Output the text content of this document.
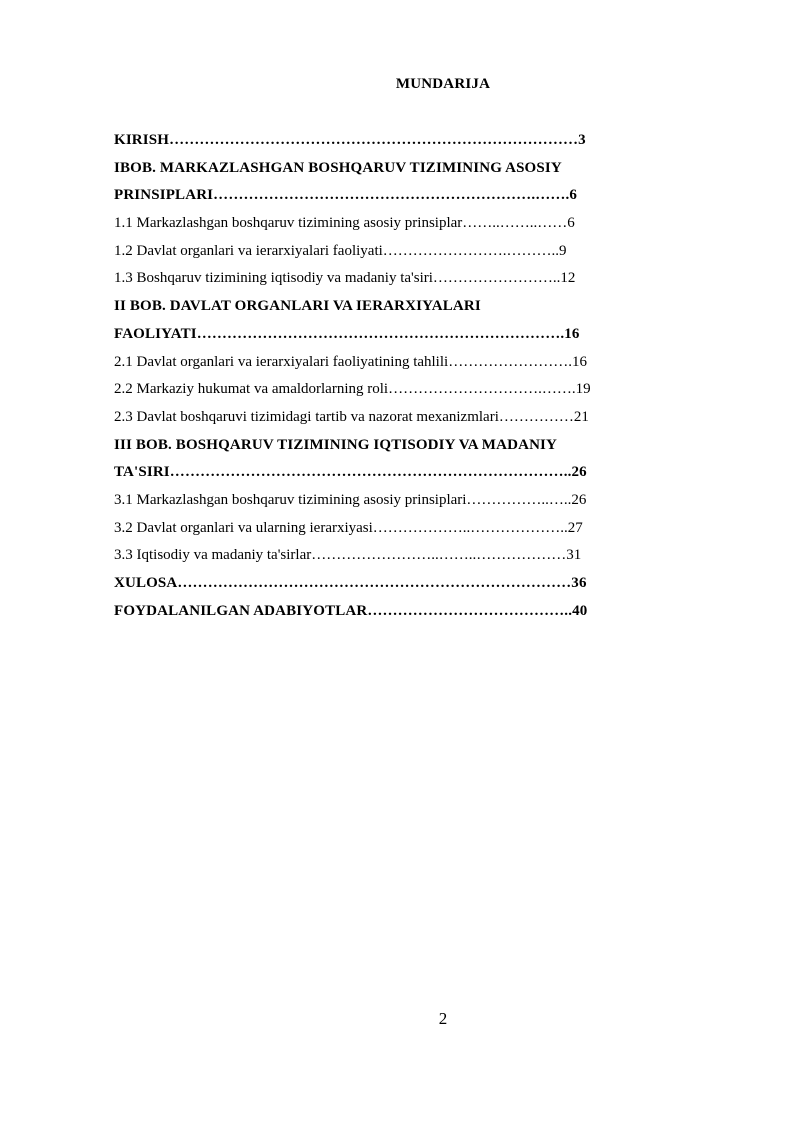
MUNDARIJA
KIRISH………………………………………………………………………3
IBOB. MARKAZLASHGAN BOSHQARUV TIZIMINING ASOSIY
PRINSIPLARI……………………………………………………….…….6
1.1 Markazlashgan boshqaruv tizimining asosiy prinsiplar……..……..……6
1.2 Davlat organlari va ierarxiyalari faoliyati…………………….………..9
1.3 Boshqaruv tizimining iqtisodiy va madaniy ta'siri……………………..12
II BOB. DAVLAT ORGANLARI VA IERARXIYALARI
FAOLIYATI……………………………………………………………….16
2.1 Davlat organlari va ierarxiyalari faoliyatining tahlili…………………….16
2.2 Markaziy hukumat va amaldorlarning roli………………………….…….19
2.3 Davlat boshqaruvi tizimidagi tartib va nazorat mexanizmlari……………21
III BOB. BOSHQARUV TIZIMINING IQTISODIY VA MADANIY
TA'SIRI……………………………………………………………………..26
3.1 Markazlashgan boshqaruv tizimining asosiy prinsiplari……………..…..26
3.2 Davlat organlari va ularning ierarxiyasi………………..………………..27
3.3 Iqtisodiy va madaniy ta'sirlar……………………..……..………………31
XULOSA……………………………………………………………………36
FOYDALANILGAN ADABIYOTLAR…………………………………..40
2
